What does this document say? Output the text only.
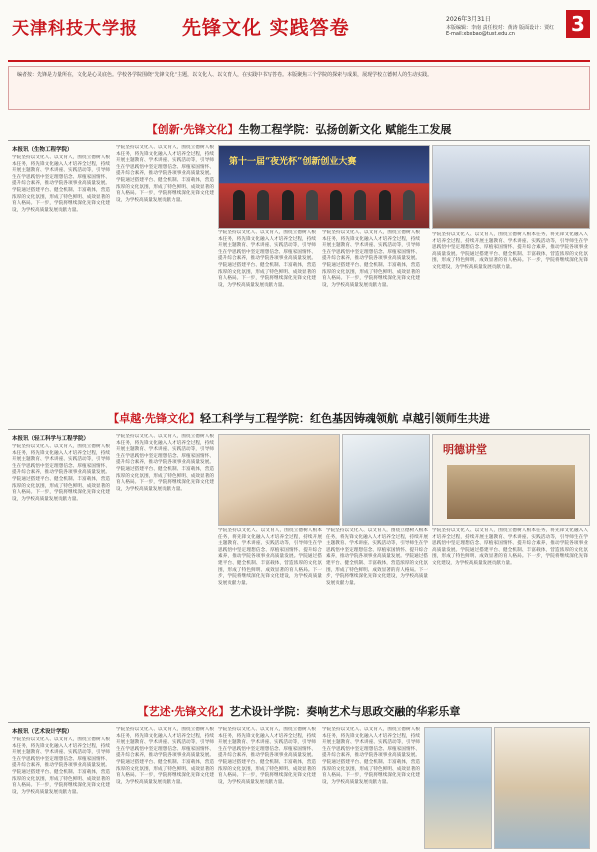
天津科技大学报 先锋文化 实践答卷	2026年3月31日
本版编辑：李南 责任校对：黄涛 版面设计：贾红
E-mail:xbxbao@tust.edu.cn	3
编者按：先锋是力量所在，文化是心灵底色。学校各学院围绕“先锋文化”主题，以文化人、以文育人，在实践中书写答卷。本版聚焦三个学院的探索与成果，展现学校立德树人的生动实践。
【创新·先锋文化】生物工程学院：弘扬创新文化 赋能生工发展
本报讯（生物工程学院）
学院坚持以文化人、以文育人，围绕立德树人根本任务，将先锋文化融入人才培养全过程，持续开展主题教育、学术讲座、实践活动等，引导师生在学思践悟中坚定理想信念、厚植家国情怀、提升综合素养，推动学院各项事业高质量发展。学院通过搭建平台、健全机制、丰富载体，营造浓厚的文化氛围，形成了特色鲜明、成效显著的育人格局。下一步，学院将继续深化先锋文化建设，为学校高质量发展贡献力量。
学院坚持以文化人、以文育人，围绕立德树人根本任务，将先锋文化融入人才培养全过程，持续开展主题教育、学术讲座、实践活动等，引导师生在学思践悟中坚定理想信念、厚植家国情怀、提升综合素养，推动学院各项事业高质量发展。学院通过搭建平台、健全机制、丰富载体，营造浓厚的文化氛围，形成了特色鲜明、成效显著的育人格局。下一步，学院将继续深化先锋文化建设，为学校高质量发展贡献力量。
学院坚持以文化人、以文育人，围绕立德树人根本任务，将先锋文化融入人才培养全过程，持续开展主题教育、学术讲座、实践活动等，引导师生在学思践悟中坚定理想信念、厚植家国情怀、提升综合素养，推动学院各项事业高质量发展。学院通过搭建平台、健全机制、丰富载体，营造浓厚的文化氛围，形成了特色鲜明、成效显著的育人格局。下一步，学院将继续深化先锋文化建设，为学校高质量发展贡献力量。
学院坚持以文化人、以文育人，围绕立德树人根本任务，将先锋文化融入人才培养全过程，持续开展主题教育、学术讲座、实践活动等，引导师生在学思践悟中坚定理想信念、厚植家国情怀、提升综合素养，推动学院各项事业高质量发展。学院通过搭建平台、健全机制、丰富载体，营造浓厚的文化氛围，形成了特色鲜明、成效显著的育人格局。下一步，学院将继续深化先锋文化建设，为学校高质量发展贡献力量。
第十一届“夜光杯”创新创业大赛
学院坚持以文化人、以文育人，围绕立德树人根本任务，将先锋文化融入人才培养全过程，持续开展主题教育、学术讲座、实践活动等，引导师生在学思践悟中坚定理想信念、厚植家国情怀、提升综合素养，推动学院各项事业高质量发展。学院通过搭建平台、健全机制、丰富载体，营造浓厚的文化氛围，形成了特色鲜明、成效显著的育人格局。下一步，学院将继续深化先锋文化建设，为学校高质量发展贡献力量。
【卓越·先锋文化】轻工科学与工程学院：红色基因铸魂领航 卓越引领师生共进
本报讯（轻工科学与工程学院）
学院坚持以文化人、以文育人，围绕立德树人根本任务，将先锋文化融入人才培养全过程，持续开展主题教育、学术讲座、实践活动等，引导师生在学思践悟中坚定理想信念、厚植家国情怀、提升综合素养，推动学院各项事业高质量发展。学院通过搭建平台、健全机制、丰富载体，营造浓厚的文化氛围，形成了特色鲜明、成效显著的育人格局。下一步，学院将继续深化先锋文化建设，为学校高质量发展贡献力量。
学院坚持以文化人、以文育人，围绕立德树人根本任务，将先锋文化融入人才培养全过程，持续开展主题教育、学术讲座、实践活动等，引导师生在学思践悟中坚定理想信念、厚植家国情怀、提升综合素养，推动学院各项事业高质量发展。学院通过搭建平台、健全机制、丰富载体，营造浓厚的文化氛围，形成了特色鲜明、成效显著的育人格局。下一步，学院将继续深化先锋文化建设，为学校高质量发展贡献力量。
明德讲堂
学院坚持以文化人、以文育人，围绕立德树人根本任务，将先锋文化融入人才培养全过程，持续开展主题教育、学术讲座、实践活动等，引导师生在学思践悟中坚定理想信念、厚植家国情怀、提升综合素养，推动学院各项事业高质量发展。学院通过搭建平台、健全机制、丰富载体，营造浓厚的文化氛围，形成了特色鲜明、成效显著的育人格局。下一步，学院将继续深化先锋文化建设，为学校高质量发展贡献力量。
学院坚持以文化人、以文育人，围绕立德树人根本任务，将先锋文化融入人才培养全过程，持续开展主题教育、学术讲座、实践活动等，引导师生在学思践悟中坚定理想信念、厚植家国情怀、提升综合素养，推动学院各项事业高质量发展。学院通过搭建平台、健全机制、丰富载体，营造浓厚的文化氛围，形成了特色鲜明、成效显著的育人格局。下一步，学院将继续深化先锋文化建设，为学校高质量发展贡献力量。
学院坚持以文化人、以文育人，围绕立德树人根本任务，将先锋文化融入人才培养全过程，持续开展主题教育、学术讲座、实践活动等，引导师生在学思践悟中坚定理想信念、厚植家国情怀、提升综合素养，推动学院各项事业高质量发展。学院通过搭建平台、健全机制、丰富载体，营造浓厚的文化氛围，形成了特色鲜明、成效显著的育人格局。下一步，学院将继续深化先锋文化建设，为学校高质量发展贡献力量。
【艺述·先锋文化】艺术设计学院：奏响艺术与思政交融的华彩乐章
本报讯（艺术设计学院）
学院坚持以文化人、以文育人，围绕立德树人根本任务，将先锋文化融入人才培养全过程，持续开展主题教育、学术讲座、实践活动等，引导师生在学思践悟中坚定理想信念、厚植家国情怀、提升综合素养，推动学院各项事业高质量发展。学院通过搭建平台、健全机制、丰富载体，营造浓厚的文化氛围，形成了特色鲜明、成效显著的育人格局。下一步，学院将继续深化先锋文化建设，为学校高质量发展贡献力量。
学院坚持以文化人、以文育人，围绕立德树人根本任务，将先锋文化融入人才培养全过程，持续开展主题教育、学术讲座、实践活动等，引导师生在学思践悟中坚定理想信念、厚植家国情怀、提升综合素养，推动学院各项事业高质量发展。学院通过搭建平台、健全机制、丰富载体，营造浓厚的文化氛围，形成了特色鲜明、成效显著的育人格局。下一步，学院将继续深化先锋文化建设，为学校高质量发展贡献力量。
学院坚持以文化人、以文育人，围绕立德树人根本任务，将先锋文化融入人才培养全过程，持续开展主题教育、学术讲座、实践活动等，引导师生在学思践悟中坚定理想信念、厚植家国情怀、提升综合素养，推动学院各项事业高质量发展。学院通过搭建平台、健全机制、丰富载体，营造浓厚的文化氛围，形成了特色鲜明、成效显著的育人格局。下一步，学院将继续深化先锋文化建设，为学校高质量发展贡献力量。
学院坚持以文化人、以文育人，围绕立德树人根本任务，将先锋文化融入人才培养全过程，持续开展主题教育、学术讲座、实践活动等，引导师生在学思践悟中坚定理想信念、厚植家国情怀、提升综合素养，推动学院各项事业高质量发展。学院通过搭建平台、健全机制、丰富载体，营造浓厚的文化氛围，形成了特色鲜明、成效显著的育人格局。下一步，学院将继续深化先锋文化建设，为学校高质量发展贡献力量。
